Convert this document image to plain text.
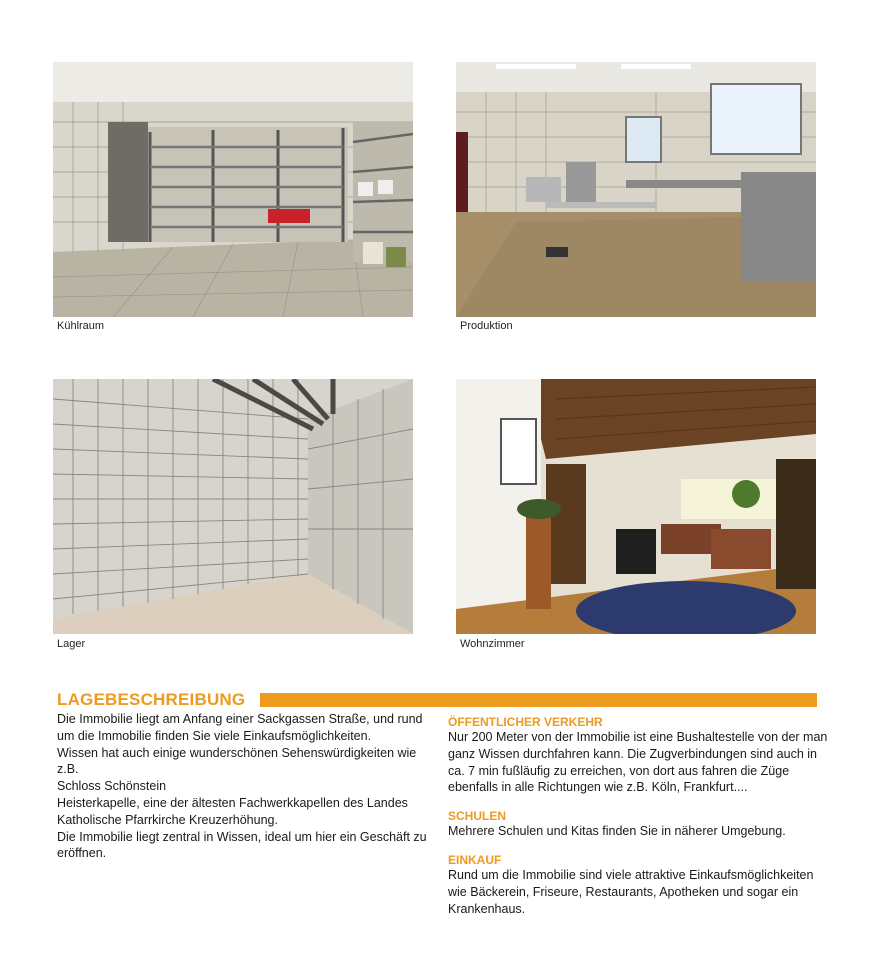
Kühlraum	Produktion
Lager	Wohnzimmer
LAGEBESCHREIBUNG

Die Immobilie liegt am Anfang einer Sackgassen Straße, und rund um die Immobilie finden Sie viele Einkaufsmöglichkeiten.

Wissen hat auch einige wunderschönen Sehenswürdigkeiten wie z.B.

Schloss Schönstein

Heisterkapelle, eine der ältesten Fachwerkkapellen des Landes

Katholische Pfarrkirche Kreuzerhöhung.

Die Immobilie liegt zentral in Wissen, ideal um hier ein Geschäft zu eröffnen.

ÖFFENTLICHER VERKEHR

Nur 200 Meter von der Immobilie ist eine Bushaltestelle von der man ganz Wissen durchfahren kann. Die Zugverbindungen sind auch in ca. 7 min fußläufig zu erreichen, von dort aus fahren die Züge ebenfalls in alle Richtungen wie z.B. Köln, Frankfurt....

SCHULEN

Mehrere Schulen und Kitas finden Sie in näherer Umgebung.

EINKAUF

Rund um die Immobilie sind viele attraktive Einkaufsmöglichkeiten wie Bäckerein, Friseure, Restaurants, Apotheken und sogar ein Krankenhaus.
